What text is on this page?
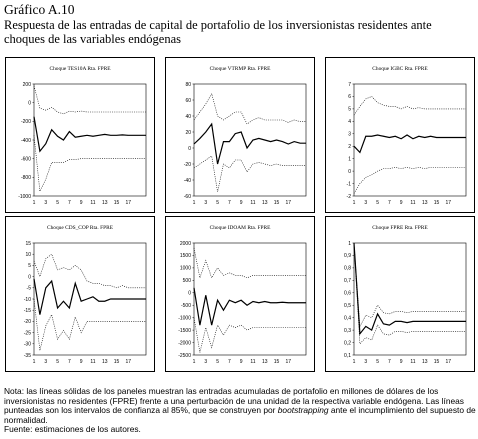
Gráfico A.10
Respuesta de las entradas de capital de portafolio de los inversionistas residentes ante choques de las variables endógenas
Choque TES10A Rta. FPRE
200
0
-200
-400
-600
-800
-1000
1 3 5 7 9 11 13 15 17
Choque VTRMP Rta. FPRE
80
60
40
20
0
-20
-40
-60
1 3 5 7 9 11 13 15 17
Choque IGBC Rta. FPRE
7
6
5
4
3
2
1
0
-1
-2
1 3 5 7 9 11 13 15 17
Choque CDS_COP Rta. FPRE
15
10
5
0
-5
-10
-15
-20
-25
-30
-35
1 3 5 7 9 11 13 15 17
Choque IDOAM Rta. FPRE
2000
1500
1000
500
0
-500
-1000
-1500
-2000
-2500
1 3 5 7 9 11 13 15 17
Choque FPRE Rta. FPRE
1
0,9
0,8
0,7
0,6
0,5
0,4
0,3
0,2
0,1
1 3 5 7 9 11 13 15 17
Nota: las líneas sólidas de los paneles muestran las entradas acumuladas de portafolio en millones de dólares de los inversionistas no residentes (FPRE) frente a una perturbación de una unidad de la respectiva variable endógena. Las líneas punteadas son los intervalos de confianza al 85%, que se construyen por bootstrapping ante el incumplimiento del supuesto de normalidad.
Fuente: estimaciones de los autores.
